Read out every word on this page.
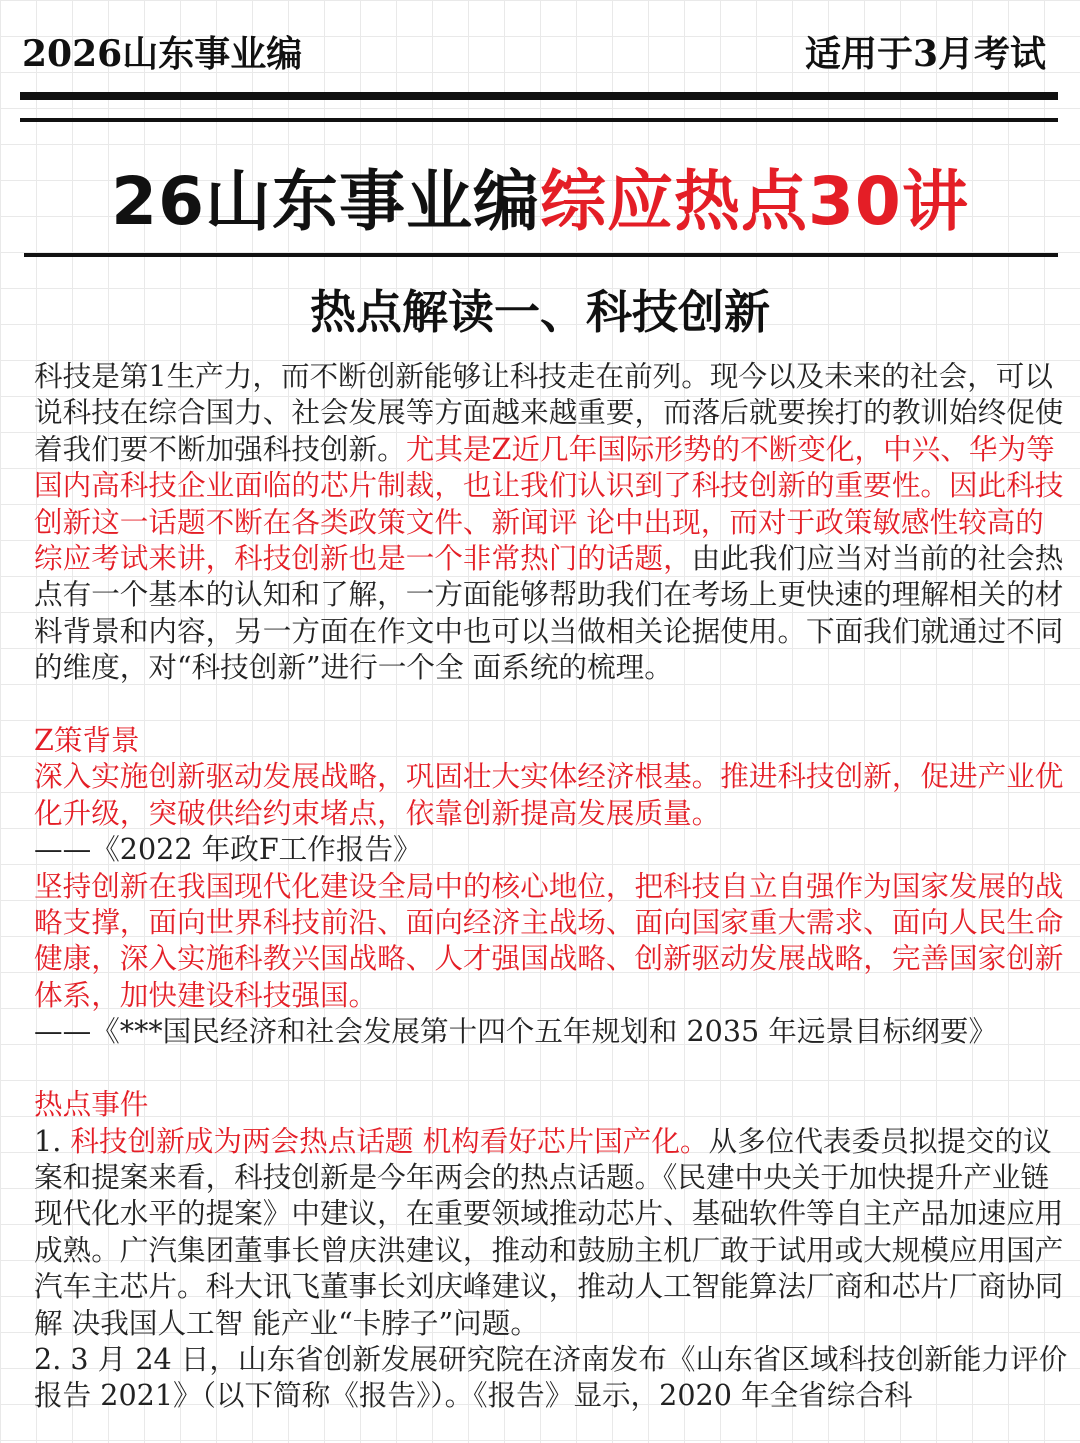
2026山东事业编	适用于3月考试
26山东事业编综应热点30讲
热点解读一、科技创新

科技是第1生产力，而不断创新能够让科技走在前列。现今以及未来的社会，可以说科技在综合国力、社会发展等方面越来越重要，而落后就要挨打的教训始终促使着我们要不断加强科技创新。尤其是Z近几年国际形势的不断变化，中兴、华为等国内高科技企业面临的芯片制裁，也让我们认识到了科技创新的重要性。因此科技创新这一话题不断在各类政策文件、新闻评 论中出现，而对于政策敏感性较高的综应考试来讲，科技创新也是一个非常热门的话题，由此我们应当对当前的社会热点有一个基本的认知和了解，一方面能够帮助我们在考场上更快速的理解相关的材料背景和内容，另一方面在作文中也可以当做相关论据使用。下面我们就通过不同的维度，对“科技创新”进行一个全 面系统的梳理。

Z策背景

深入实施创新驱动发展战略，巩固壮大实体经济根基。推进科技创新，促进产业优化升级，突破供给约束堵点，依靠创新提高发展质量。

——《2022 年政F工作报告》

坚持创新在我国现代化建设全局中的核心地位，把科技自立自强作为国家发展的战略支撑，面向世界科技前沿、面向经济主战场、面向国家重大需求、面向人民生命健康，深入实施科教兴国战略、人才强国战略、创新驱动发展战略，完善国家创新体系，加快建设科技强国。

——《***国民经济和社会发展第十四个五年规划和 2035 年远景目标纲要》

热点事件

1. 科技创新成为两会热点话题 机构看好芯片国产化。从多位代表委员拟提交的议案和提案来看，科技创新是今年两会的热点话题。《民建中央关于加快提升产业链现代化水平的提案》中建议，在重要领域推动芯片、基础软件等自主产品加速应用成熟。广汽集团董事长曾庆洪建议，推动和鼓励主机厂敢于试用或大规模应用国产汽车主芯片。科大讯飞董事长刘庆峰建议，推动人工智能算法厂商和芯片厂商协同解 决我国人工智 能产业“卡脖子”问题。

2. 3 月 24 日，山东省创新发展研究院在济南发布《山东省区域科技创新能力评价报告 2021》（以下简称《报告》）。《报告》显示，2020 年全省综合科
